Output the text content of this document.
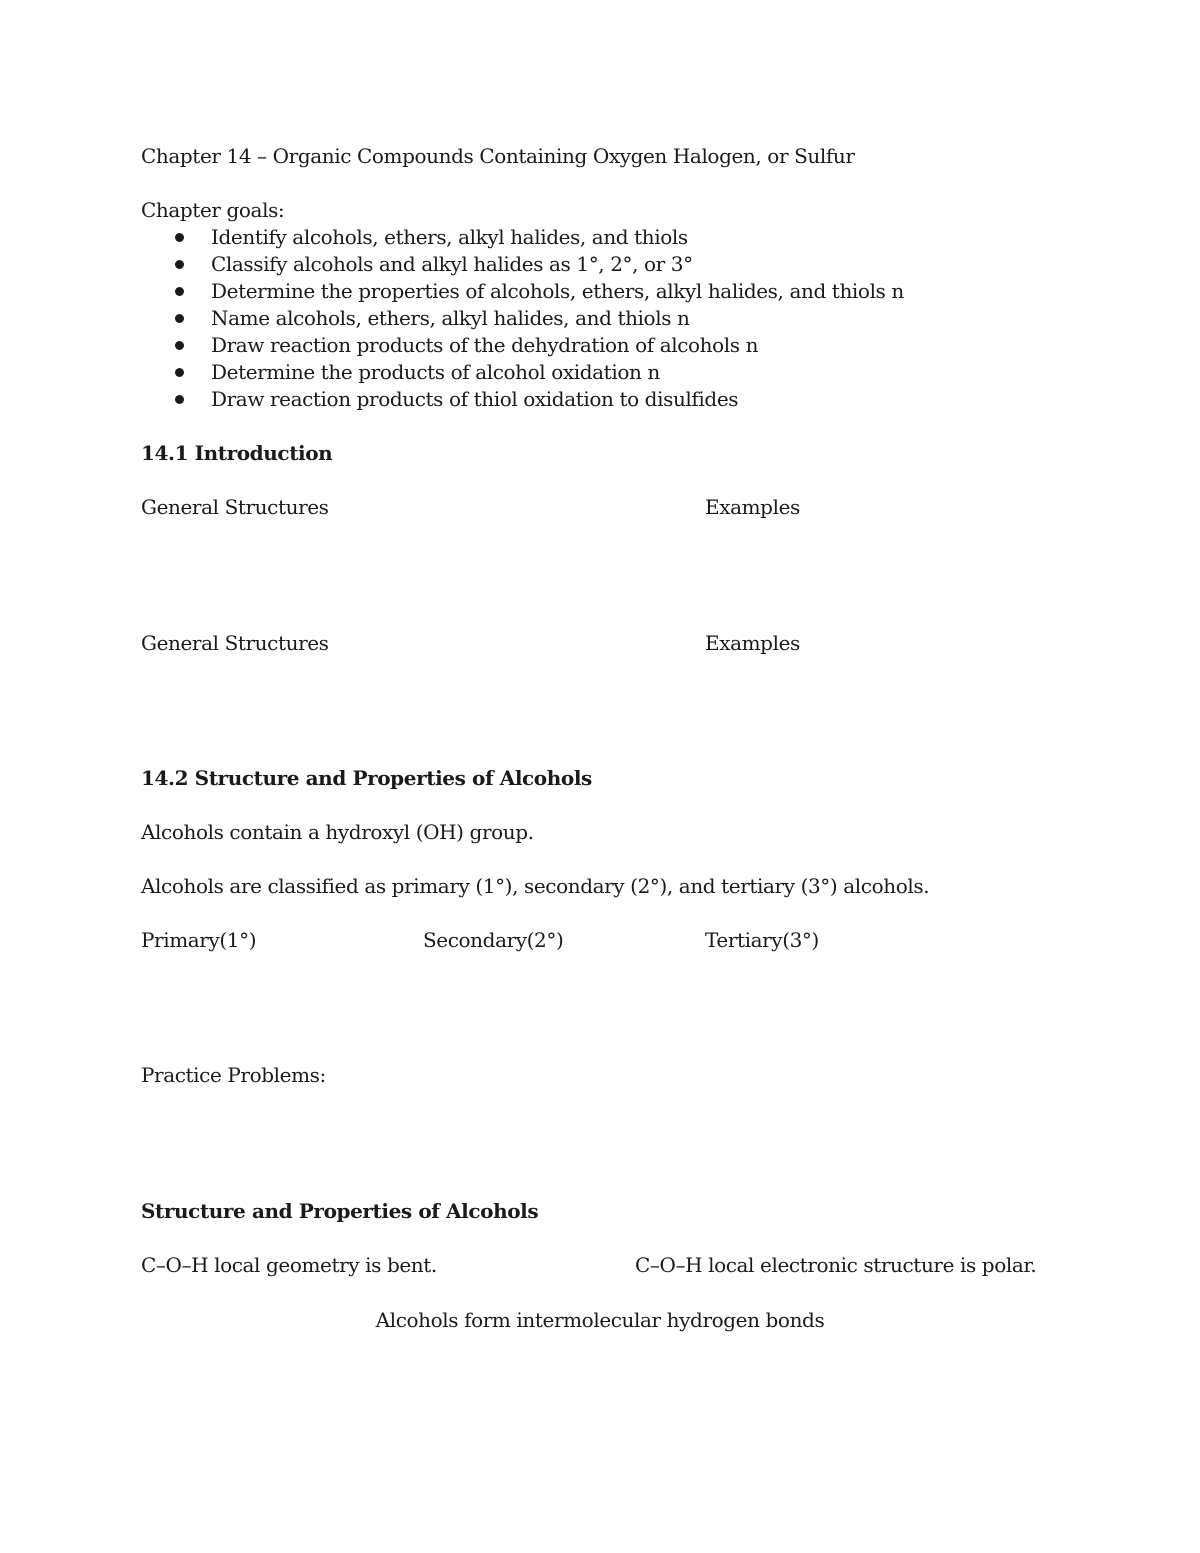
Chapter 14 – Organic Compounds Containing Oxygen Halogen, or Sulfur
Chapter goals:
Identify alcohols, ethers, alkyl halides, and thiols
Classify alcohols and alkyl halides as 1°, 2°, or 3°
Determine the properties of alcohols, ethers, alkyl halides, and thiols n
Name alcohols, ethers, alkyl halides, and thiols n
Draw reaction products of the dehydration of alcohols n
Determine the products of alcohol oxidation n
Draw reaction products of thiol oxidation to disulfides
14.1 Introduction
General Structures	Examples
General Structures	Examples
14.2 Structure and Properties of Alcohols
Alcohols contain a hydroxyl (OH) group.
Alcohols are classified as primary (1°), secondary (2°), and tertiary (3°) alcohols.
Primary(1°)	Secondary(2°)	Tertiary(3°)
Practice Problems:
Structure and Properties of Alcohols
C–O–H local geometry is bent.	C–O–H local electronic structure is polar.
Alcohols form intermolecular hydrogen bonds
